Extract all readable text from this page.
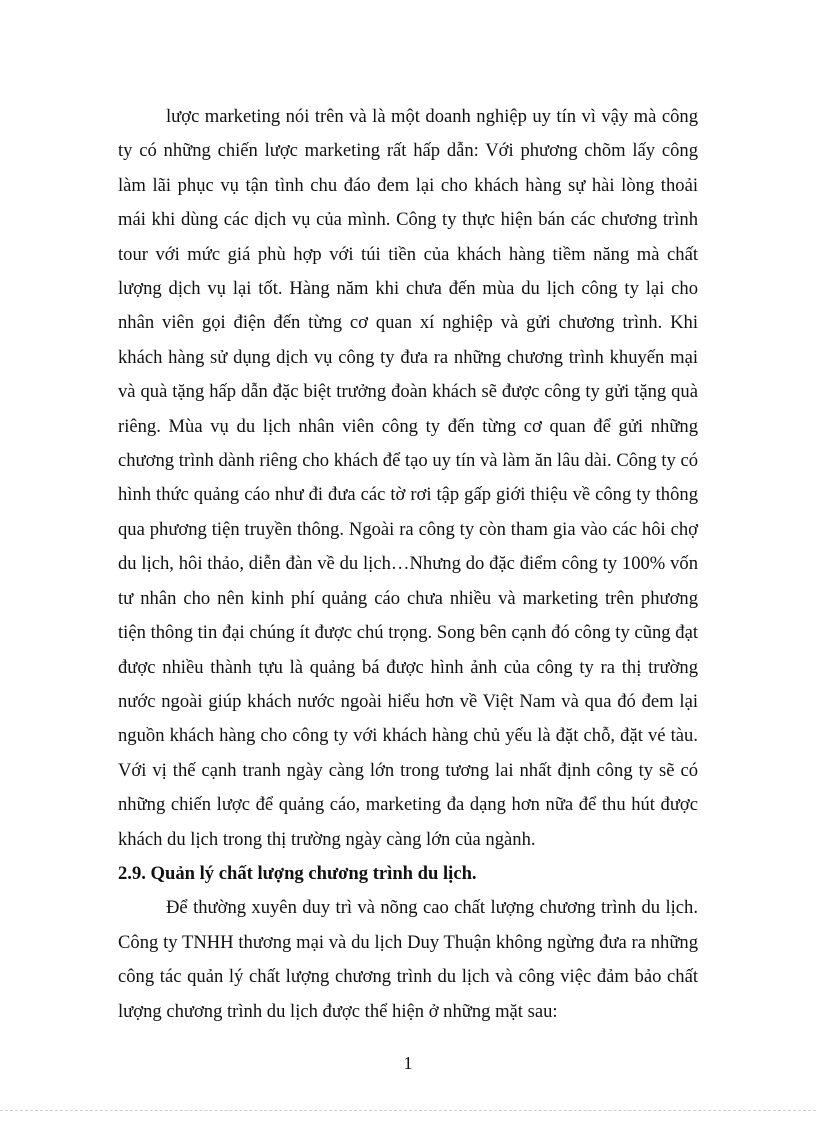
lược marketing nói trên và là một doanh nghiệp uy tín vì vậy mà công ty có những chiến lược marketing rất hấp dẫn: Với phương chõm lấy công làm lãi phục vụ tận tình chu đáo đem lại cho khách hàng sự hài lòng thoải mái khi dùng các dịch vụ của mình. Công ty thực hiện bán các chương trình tour với mức giá phù hợp với túi tiền của khách hàng tiềm năng mà chất lượng dịch vụ lại tốt. Hàng năm khi chưa đến mùa du lịch công ty lại cho nhân viên gọi điện đến từng cơ quan xí nghiệp và gửi chương trình. Khi khách hàng sử dụng dịch vụ công ty đưa ra những chương trình khuyến mại và quà tặng hấp dẫn đặc biệt trưởng đoàn khách sẽ được công ty gửi tặng quà riêng. Mùa vụ du lịch nhân viên công ty đến từng cơ quan để gửi những chương trình dành riêng cho khách để tạo uy tín và làm ăn lâu dài. Công ty có hình thức quảng cáo như đi đưa các tờ rơi tập gấp giới thiệu về công ty thông qua phương tiện truyền thông. Ngoài ra công ty còn tham gia vào các hôi chợ du lịch, hôi thảo, diễn đàn về du lịch…Nhưng do đặc điểm công ty 100% vốn tư nhân cho nên kinh phí quảng cáo chưa nhiều và marketing trên phương tiện thông tin đại chúng ít được chú trọng. Song bên cạnh đó công ty cũng đạt được nhiều thành tựu là quảng bá được hình ảnh của công ty ra thị trường nước ngoài giúp khách nước ngoài hiểu hơn về Việt Nam và qua đó đem lại nguồn khách hàng cho công ty với khách hàng chủ yếu là đặt chỗ, đặt vé tàu. Với vị thế cạnh tranh ngày càng lớn trong tương lai nhất định công ty sẽ có những chiến lược để quảng cáo, marketing đa dạng hơn nữa để thu hút được khách du lịch trong thị trường ngày càng lớn của ngành.

2.9. Quản lý chất lượng chương trình du lịch.

Để thường xuyên duy trì và nõng cao chất lượng chương trình du lịch. Công ty TNHH thương mại và du lịch Duy Thuận không ngừng đưa ra những công tác quản lý chất lượng chương trình du lịch và công việc đảm bảo chất lượng chương trình du lịch được thể hiện ở những mặt sau:

1
